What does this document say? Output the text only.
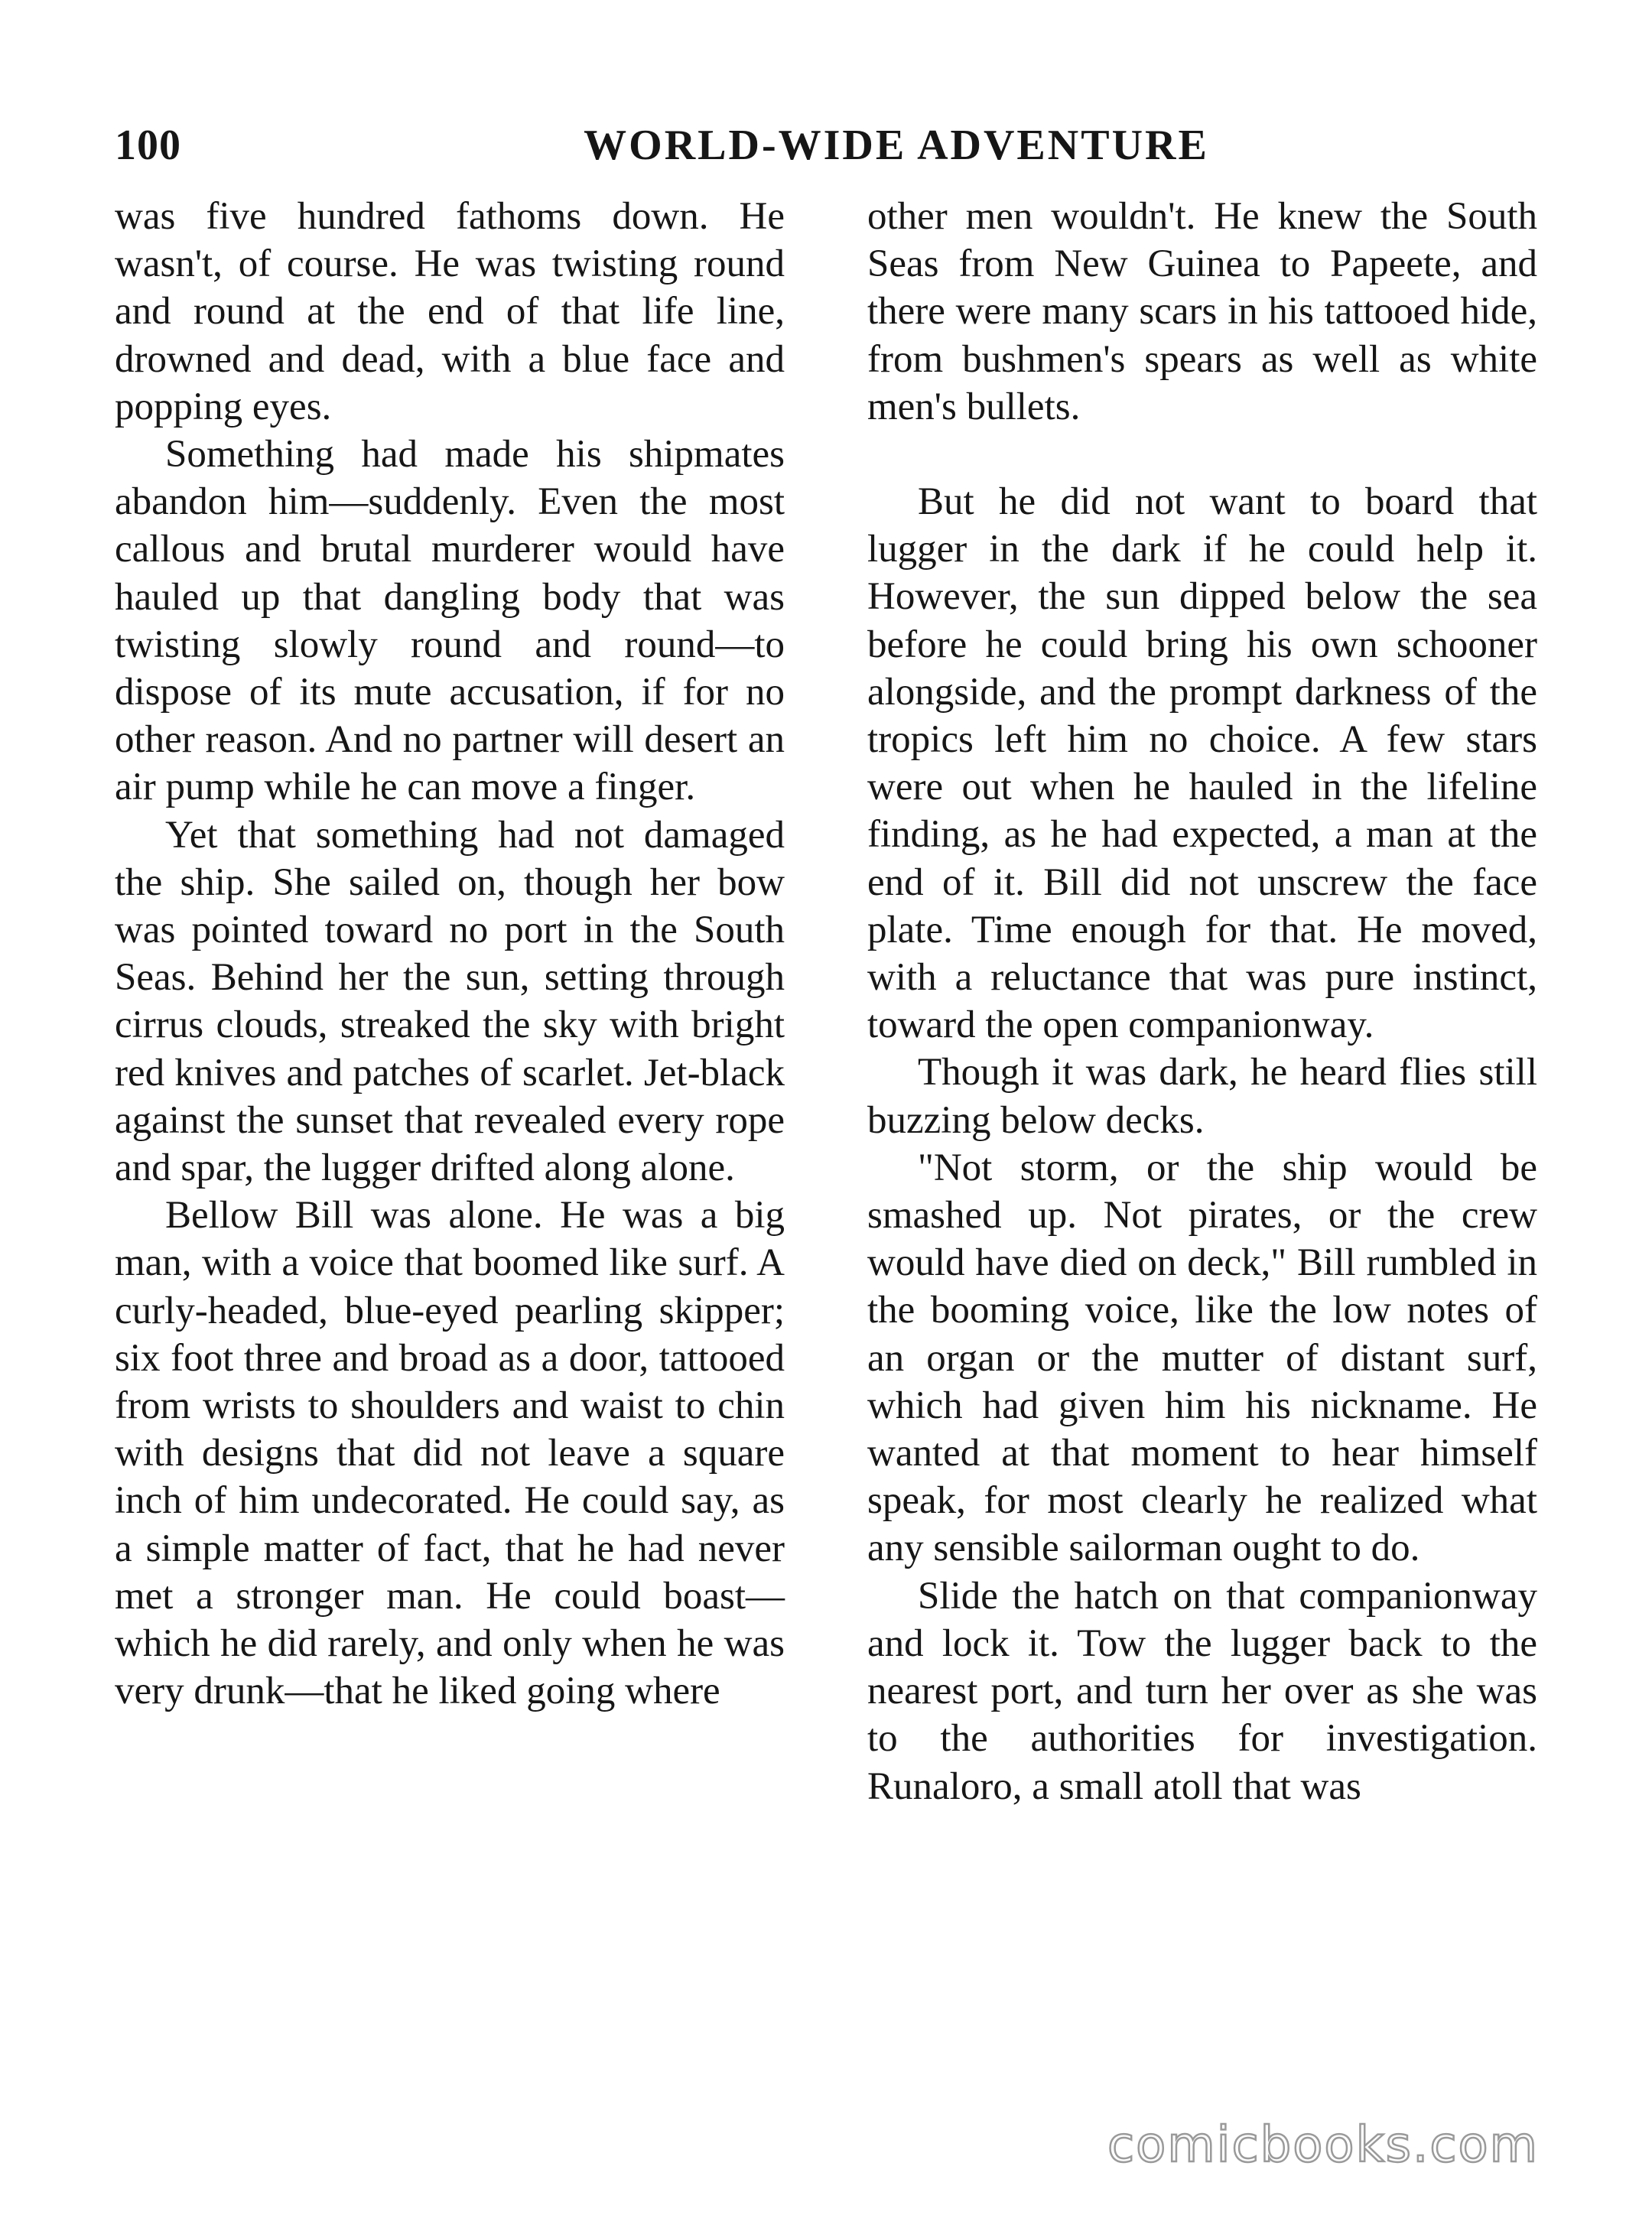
100	WORLD-WIDE ADVENTURE

was five hundred fathoms down. He wasn't, of course. He was twisting round and round at the end of that life line, drowned and dead, with a blue face and popping eyes.

Something had made his shipmates abandon him—suddenly. Even the most callous and brutal murderer would have hauled up that dangling body that was twisting slowly round and round—to dispose of its mute accusation, if for no other reason. And no partner will desert an air pump while he can move a finger.

Yet that something had not damaged the ship. She sailed on, though her bow was pointed toward no port in the South Seas. Behind her the sun, setting through cirrus clouds, streaked the sky with bright red knives and patches of scarlet. Jet-black against the sunset that revealed every rope and spar, the lugger drifted along alone.

Bellow Bill was alone. He was a big man, with a voice that boomed like surf. A curly-headed, blue-eyed pearling skipper; six foot three and broad as a door, tattooed from wrists to shoulders and waist to chin with designs that did not leave a square inch of him undecorated. He could say, as a simple matter of fact, that he had never met a stronger man. He could boast—which he did rarely, and only when he was very drunk—that he liked going where

other men wouldn't. He knew the South Seas from New Guinea to Papeete, and there were many scars in his tattooed hide, from bushmen's spears as well as white men's bullets.

But he did not want to board that lugger in the dark if he could help it. However, the sun dipped below the sea before he could bring his own schooner alongside, and the prompt darkness of the tropics left him no choice. A few stars were out when he hauled in the lifeline finding, as he had expected, a man at the end of it. Bill did not unscrew the face plate. Time enough for that. He moved, with a reluctance that was pure instinct, toward the open companionway.

Though it was dark, he heard flies still buzzing below decks.

"Not storm, or the ship would be smashed up. Not pirates, or the crew would have died on deck," Bill rumbled in the booming voice, like the low notes of an organ or the mutter of distant surf, which had given him his nickname. He wanted at that moment to hear himself speak, for most clearly he realized what any sensible sailorman ought to do.

Slide the hatch on that companionway and lock it. Tow the lugger back to the nearest port, and turn her over as she was to the authorities for investigation. Runaloro, a small atoll that was

comicbooks.com
